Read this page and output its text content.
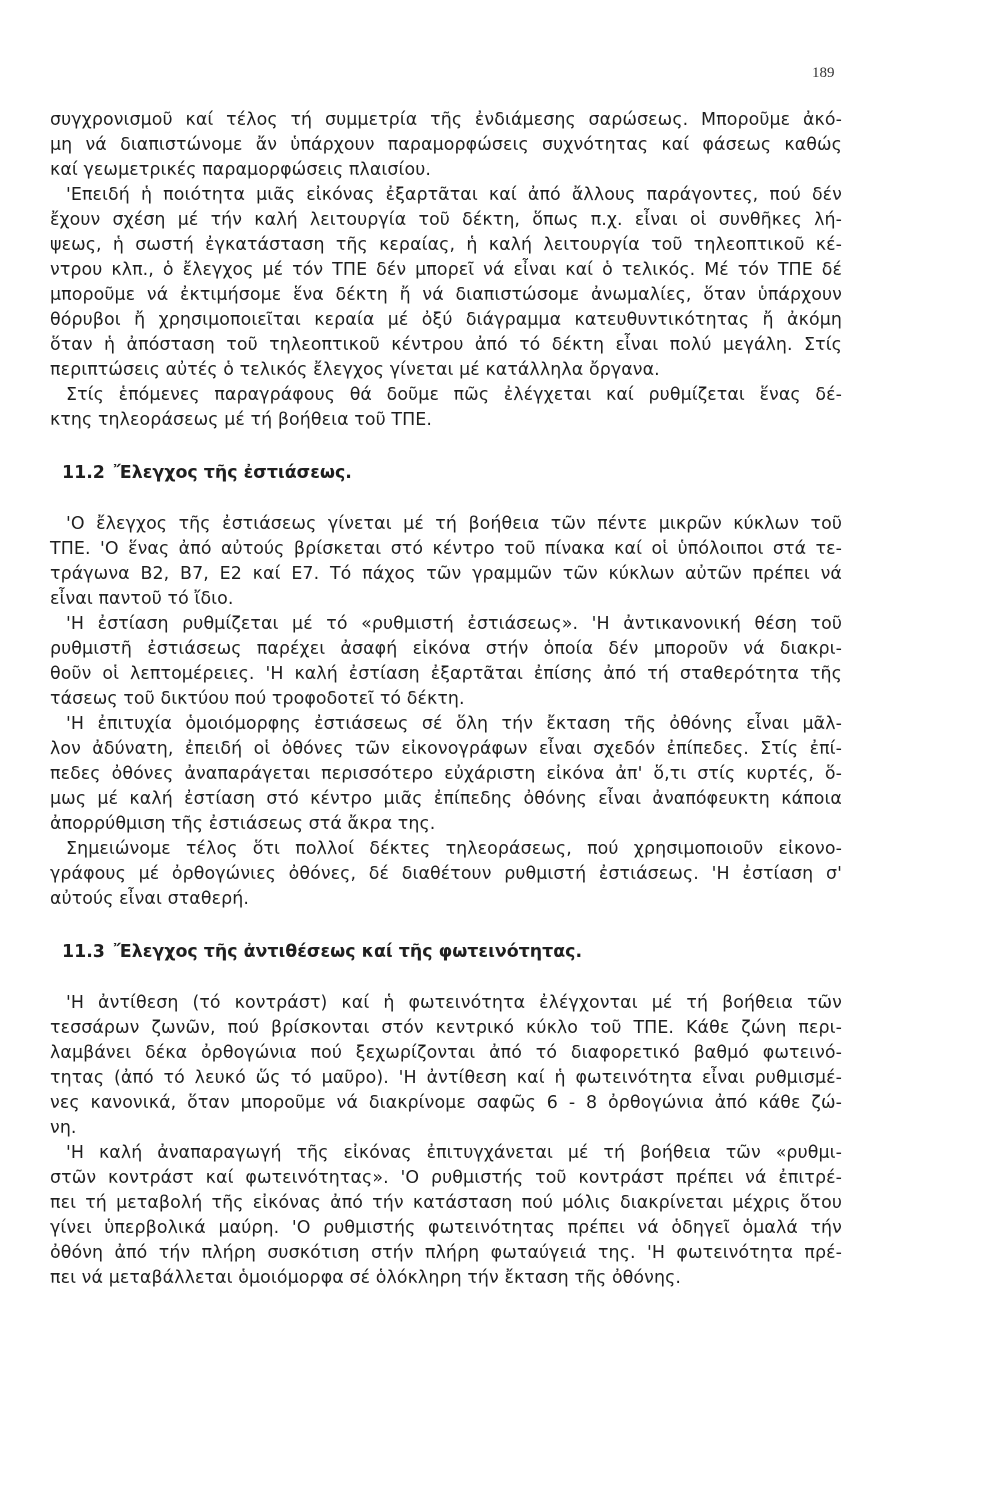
189
συγχρονισμοῦ καί τέλος τή συμμετρία τῆς ἐνδιάμεσης σαρώσεως. Μποροῦμε ἀκό-
μη νά διαπιστώνομε ἄν ὑπάρχουν παραμορφώσεις συχνότητας καί φάσεως καθώς
καί γεωμετρικές παραμορφώσεις πλαισίου.
'Επειδή ἡ ποιότητα μιᾶς εἰκόνας ἐξαρτᾶται καί ἀπό ἄλλους παράγοντες, πού δέν
ἔχουν σχέση μέ τήν καλή λειτουργία τοῦ δέκτη, ὅπως π.χ. εἶναι οἱ συνθῆκες λή-
ψεως, ἡ σωστή ἐγκατάσταση τῆς κεραίας, ἡ καλή λειτουργία τοῦ τηλεοπτικοῦ κέ-
ντρου κλπ., ὁ ἔλεγχος μέ τόν ΤΠΕ δέν μπορεῖ νά εἶναι καί ὁ τελικός. Μέ τόν ΤΠΕ δέ
μποροῦμε νά ἐκτιμήσομε ἕνα δέκτη ἤ νά διαπιστώσομε ἀνωμαλίες, ὅταν ὑπάρχουν
θόρυβοι ἤ χρησιμοποιεῖται κεραία μέ ὀξύ διάγραμμα κατευθυντικότητας ἤ ἀκόμη
ὅταν ἡ ἀπόσταση τοῦ τηλεοπτικοῦ κέντρου ἀπό τό δέκτη εἶναι πολύ μεγάλη. Στίς
περιπτώσεις αὐτές ὁ τελικός ἔλεγχος γίνεται μέ κατάλληλα ὄργανα.
Στίς ἑπόμενες παραγράφους θά δοῦμε πῶς ἐλέγχεται καί ρυθμίζεται ἕνας δέ-
κτης τηλεοράσεως μέ τή βοήθεια τοῦ ΤΠΕ.
11.2 Ἔλεγχος τῆς ἐστιάσεως.
'Ο ἔλεγχος τῆς ἐστιάσεως γίνεται μέ τή βοήθεια τῶν πέντε μικρῶν κύκλων τοῦ
ΤΠΕ. 'Ο ἕνας ἀπό αὐτούς βρίσκεται στό κέντρο τοῦ πίνακα καί οἱ ὑπόλοιποι στά τε-
τράγωνα Β2, Β7, Ε2 καί Ε7. Τό πάχος τῶν γραμμῶν τῶν κύκλων αὐτῶν πρέπει νά
εἶναι παντοῦ τό ἴδιο.
'Η ἐστίαση ρυθμίζεται μέ τό «ρυθμιστή ἐστιάσεως». 'Η ἀντικανονική θέση τοῦ
ρυθμιστῆ ἐστιάσεως παρέχει ἀσαφή εἰκόνα στήν ὁποία δέν μποροῦν νά διακρι-
θοῦν οἱ λεπτομέρειες. 'Η καλή ἐστίαση ἐξαρτᾶται ἐπίσης ἀπό τή σταθερότητα τῆς
τάσεως τοῦ δικτύου πού τροφοδοτεῖ τό δέκτη.
'Η ἐπιτυχία ὁμοιόμορφης ἐστιάσεως σέ ὅλη τήν ἔκταση τῆς ὀθόνης εἶναι μᾶλ-
λον ἀδύνατη, ἐπειδή οἱ ὀθόνες τῶν εἰκονογράφων εἶναι σχεδόν ἐπίπεδες. Στίς ἐπί-
πεδες ὀθόνες ἀναπαράγεται περισσότερο εὐχάριστη εἰκόνα ἀπ' ὅ,τι στίς κυρτές, ὅ-
μως μέ καλή ἐστίαση στό κέντρο μιᾶς ἐπίπεδης ὀθόνης εἶναι ἀναπόφευκτη κάποια
ἀπορρύθμιση τῆς ἐστιάσεως στά ἄκρα της.
Σημειώνομε τέλος ὅτι πολλοί δέκτες τηλεοράσεως, πού χρησιμοποιοῦν εἰκονο-
γράφους μέ ὀρθογώνιες ὀθόνες, δέ διαθέτουν ρυθμιστή ἐστιάσεως. 'Η ἐστίαση σ'
αὐτούς εἶναι σταθερή.
11.3 Ἔλεγχος τῆς ἀντιθέσεως καί τῆς φωτεινότητας.
'Η ἀντίθεση (τό κοντράστ) καί ἡ φωτεινότητα ἐλέγχονται μέ τή βοήθεια τῶν
τεσσάρων ζωνῶν, πού βρίσκονται στόν κεντρικό κύκλο τοῦ ΤΠΕ. Κάθε ζώνη περι-
λαμβάνει δέκα ὀρθογώνια πού ξεχωρίζονται ἀπό τό διαφορετικό βαθμό φωτεινό-
τητας (ἀπό τό λευκό ὥς τό μαῦρο). 'Η ἀντίθεση καί ἡ φωτεινότητα εἶναι ρυθμισμέ-
νες κανονικά, ὅταν μποροῦμε νά διακρίνομε σαφῶς 6 - 8 ὀρθογώνια ἀπό κάθε ζώ-
νη.
'Η καλή ἀναπαραγωγή τῆς εἰκόνας ἐπιτυγχάνεται μέ τή βοήθεια τῶν «ρυθμι-
στῶν κοντράστ καί φωτεινότητας». 'Ο ρυθμιστής τοῦ κοντράστ πρέπει νά ἐπιτρέ-
πει τή μεταβολή τῆς εἰκόνας ἀπό τήν κατάσταση πού μόλις διακρίνεται μέχρις ὅτου
γίνει ὑπερβολικά μαύρη. 'Ο ρυθμιστής φωτεινότητας πρέπει νά ὁδηγεῖ ὁμαλά τήν
ὀθόνη ἀπό τήν πλήρη συσκότιση στήν πλήρη φωταύγειά της. 'Η φωτεινότητα πρέ-
πει νά μεταβάλλεται ὁμοιόμορφα σέ ὁλόκληρη τήν ἔκταση τῆς ὀθόνης.
